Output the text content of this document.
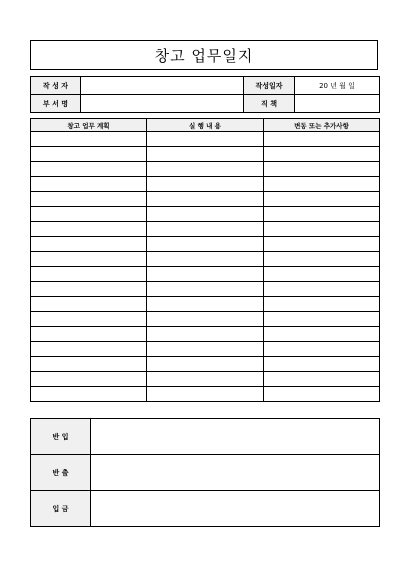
창고 업무일지
작 성 자		작성일자	20 년 월 일
부 서 명		직 책	
창고 업무 계획	실 행 내 용	변동 또는 추가사항

반 입	
반 출	
입 금	
